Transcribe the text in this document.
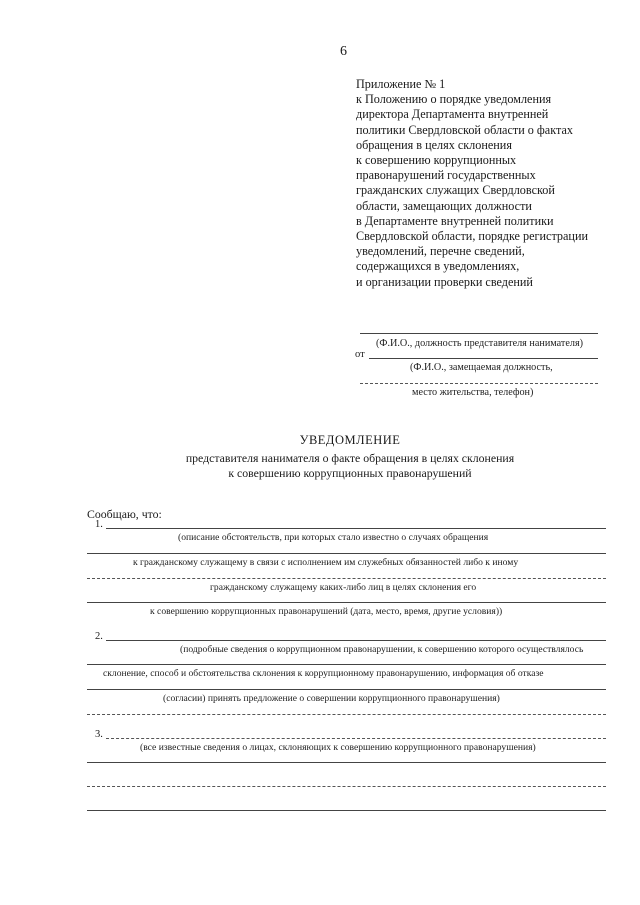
6
Приложение № 1
к Положению о порядке уведомления
директора Департамента внутренней
политики Свердловской области о фактах
обращения в целях склонения
к совершению коррупционных
правонарушений государственных
гражданских служащих Свердловской
области, замещающих должности
в Департаменте внутренней политики
Свердловской области, порядке регистрации
уведомлений, перечне сведений,
содержащихся в уведомлениях,
и организации проверки сведений
(Ф.И.О., должность представителя нанимателя)
от
(Ф.И.О., замещаемая должность,
место жительства, телефон)
УВЕДОМЛЕНИЕ
представителя нанимателя о факте обращения в целях склонения
к совершению коррупционных правонарушений
Сообщаю, что:
1.
(описание обстоятельств, при которых стало известно о случаях обращения
к гражданскому служащему в связи с исполнением им служебных обязанностей либо к иному
гражданскому служащему каких-либо лиц в целях склонения его
к совершению коррупционных правонарушений (дата, место, время, другие условия))
2.
(подробные сведения о коррупционном правонарушении, к совершению которого осуществлялось
склонение, способ и обстоятельства склонения к коррупционному правонарушению, информация об отказе
(согласии) принять предложение о совершении коррупционного правонарушения)
3.
(все известные сведения о лицах, склоняющих к совершению коррупционного правонарушения)
